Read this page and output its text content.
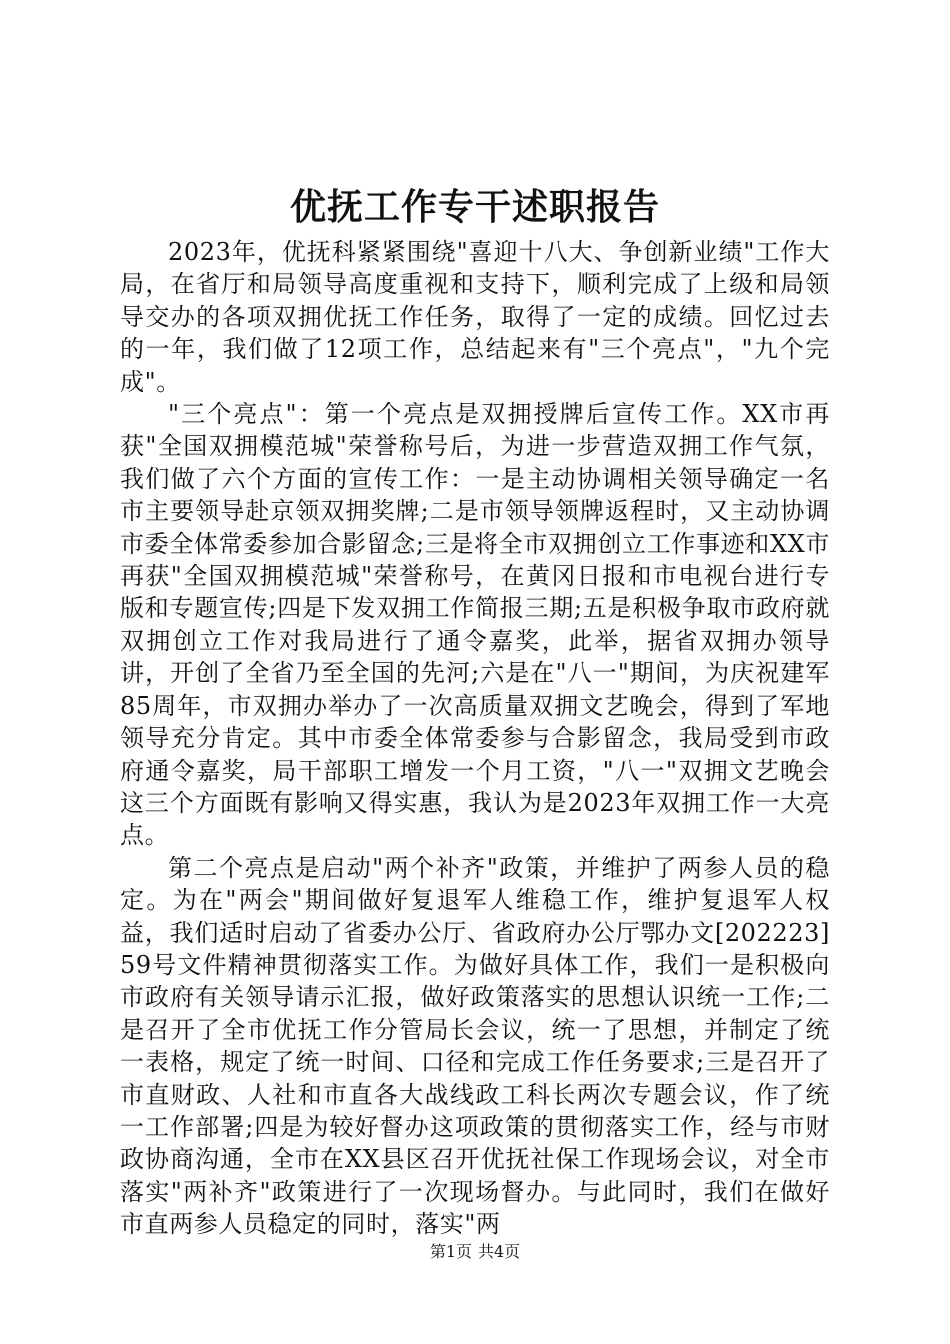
优抚工作专干述职报告

2023年，优抚科紧紧围绕"喜迎十八大、争创新业绩"工作大局，在省厅和局领导高度重视和支持下，顺利完成了上级和局领导交办的各项双拥优抚工作任务，取得了一定的成绩。回忆过去的一年，我们做了12项工作，总结起来有"三个亮点"，"九个完成"。

"三个亮点"：第一个亮点是双拥授牌后宣传工作。XX市再获"全国双拥模范城"荣誉称号后，为进一步营造双拥工作气氛，我们做了六个方面的宣传工作：一是主动协调相关领导确定一名市主要领导赴京领双拥奖牌;二是市领导领牌返程时，又主动协调市委全体常委参加合影留念;三是将全市双拥创立工作事迹和XX市再获"全国双拥模范城"荣誉称号，在黄冈日报和市电视台进行专版和专题宣传;四是下发双拥工作简报三期;五是积极争取市政府就双拥创立工作对我局进行了通令嘉奖，此举，据省双拥办领导讲，开创了全省乃至全国的先河;六是在"八一"期间，为庆祝建军85周年，市双拥办举办了一次高质量双拥文艺晚会，得到了军地领导充分肯定。其中市委全体常委参与合影留念，我局受到市政府通令嘉奖，局干部职工增发一个月工资，"八一"双拥文艺晚会这三个方面既有影响又得实惠，我认为是2023年双拥工作一大亮点。

第二个亮点是启动"两个补齐"政策，并维护了两参人员的稳定。为在"两会"期间做好复退军人维稳工作，维护复退军人权益，我们适时启动了省委办公厅、省政府办公厅鄂办文[202223]59号文件精神贯彻落实工作。为做好具体工作，我们一是积极向市政府有关领导请示汇报，做好政策落实的思想认识统一工作;二是召开了全市优抚工作分管局长会议，统一了思想，并制定了统一表格，规定了统一时间、口径和完成工作任务要求;三是召开了市直财政、人社和市直各大战线政工科长两次专题会议，作了统一工作部署;四是为较好督办这项政策的贯彻落实工作，经与市财政协商沟通，全市在XX县区召开优抚社保工作现场会议，对全市落实"两补齐"政策进行了一次现场督办。与此同时，我们在做好市直两参人员稳定的同时，落实"两

第1页 共4页
